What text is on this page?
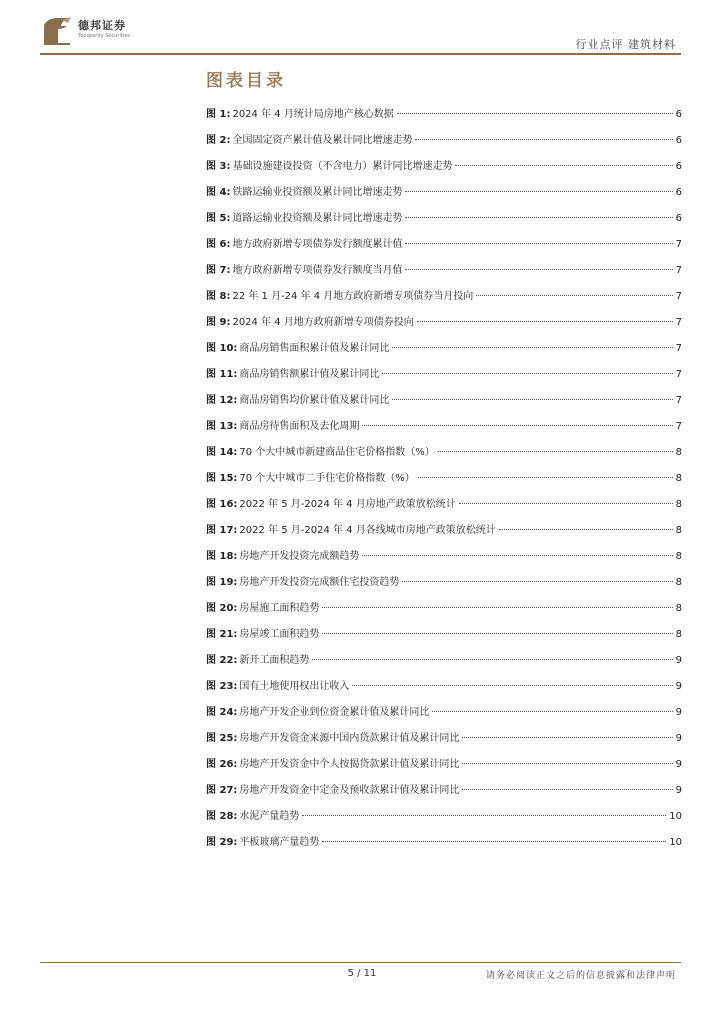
德邦证券
Topsperity Securities
行业点评 建筑材料
图表目录
图 1: 2024 年 4 月统计局房地产核心数据	6
图 2: 全国固定资产累计值及累计同比增速走势	6
图 3: 基础设施建设投资（不含电力）累计同比增速走势	6
图 4: 铁路运输业投资额及累计同比增速走势	6
图 5: 道路运输业投资额及累计同比增速走势	6
图 6: 地方政府新增专项债券发行额度累计值	7
图 7: 地方政府新增专项债券发行额度当月值	7
图 8: 22 年 1 月-24 年 4 月地方政府新增专项债券当月投向	7
图 9: 2024 年 4 月地方政府新增专项债券投向	7
图 10: 商品房销售面积累计值及累计同比	7
图 11: 商品房销售额累计值及累计同比	7
图 12: 商品房销售均价累计值及累计同比	7
图 13: 商品房待售面积及去化周期	7
图 14: 70 个大中城市新建商品住宅价格指数（%）	8
图 15: 70 个大中城市二手住宅价格指数（%）	8
图 16: 2022 年 5 月-2024 年 4 月房地产政策放松统计	8
图 17: 2022 年 5 月-2024 年 4 月各线城市房地产政策放松统计	8
图 18: 房地产开发投资完成额趋势	8
图 19: 房地产开发投资完成额住宅投资趋势	8
图 20: 房屋施工面积趋势	8
图 21: 房屋竣工面积趋势	8
图 22: 新开工面积趋势	9
图 23: 国有土地使用权出让收入	9
图 24: 房地产开发企业到位资金累计值及累计同比	9
图 25: 房地产开发资金来源中国内贷款累计值及累计同比	9
图 26: 房地产开发资金中个人按揭贷款累计值及累计同比	9
图 27: 房地产开发资金中定金及预收款累计值及累计同比	9
图 28: 水泥产量趋势	10
图 29: 平板玻璃产量趋势	10
5 / 11	请务必阅读正文之后的信息披露和法律声明
